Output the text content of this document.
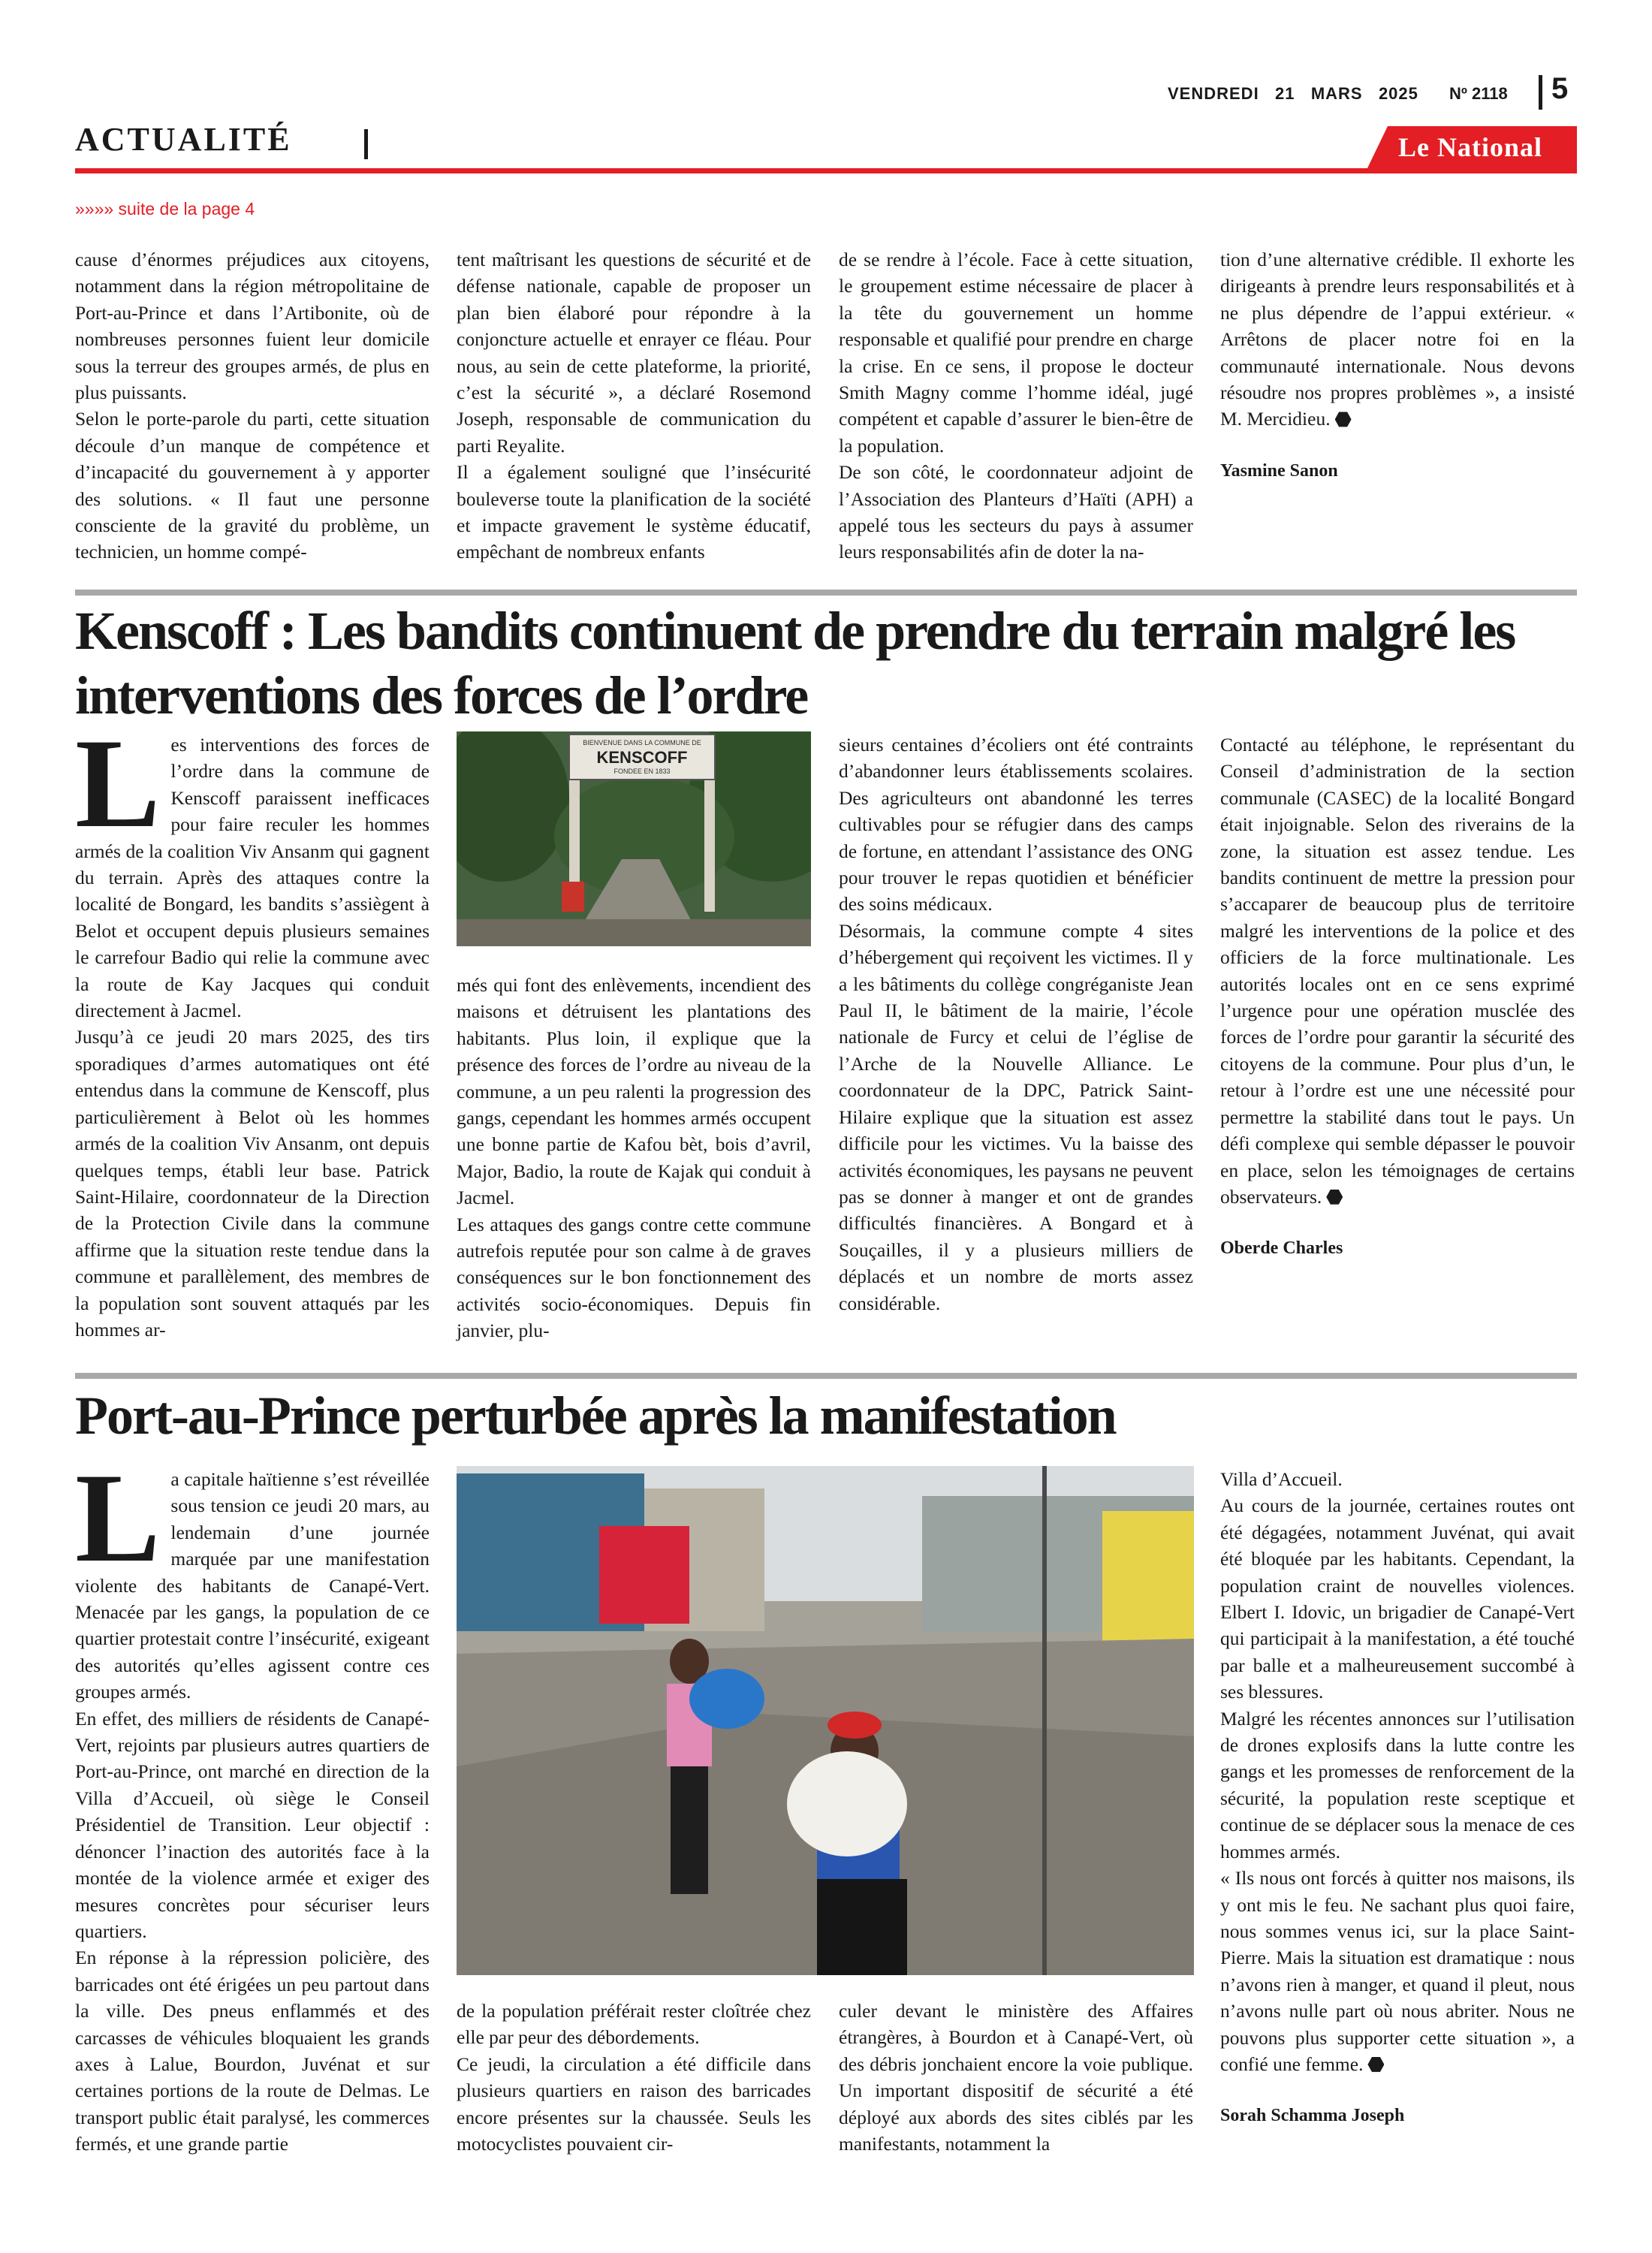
VENDREDI   21   MARS   2025 Nº 2118 5
ACTUALITÉ	Le National
»»»» suite de la page 4

cause d’énormes préjudices aux citoyens, notamment dans la région métropolitaine de Port-au-Prince et dans l’Artibonite, où de nombreuses personnes fuient leur domicile sous la terreur des groupes armés, de plus en plus puissants.

Selon le porte-parole du parti, cette situation découle d’un manque de compétence et d’incapacité du gouvernement à y apporter des solutions. « Il faut une personne consciente de la gravité du problème, un technicien, un homme compé-

tent maîtrisant les questions de sécurité et de défense nationale, capable de proposer un plan bien élaboré pour répondre à la conjoncture actuelle et enrayer ce fléau. Pour nous, au sein de cette plateforme, la priorité, c’est la sécurité », a déclaré Rosemond Joseph, responsable de communication du parti Reyalite.

Il a également souligné que l’insécurité bouleverse toute la planification de la société et impacte gravement le système éducatif, empêchant de nombreux enfants

de se rendre à l’école. Face à cette situation, le groupement estime nécessaire de placer à la tête du gouvernement un homme responsable et qualifié pour prendre en charge la crise. En ce sens, il propose le docteur Smith Magny comme l’homme idéal, jugé compétent et capable d’assurer le bien-être de la population.

De son côté, le coordonnateur adjoint de l’Association des Planteurs d’Haïti (APH) a appelé tous les secteurs du pays à assumer leurs responsabilités afin de doter la na-

tion d’une alternative crédible. Il exhorte les dirigeants à prendre leurs responsabilités et à ne plus dépendre de l’appui extérieur. « Arrêtons de placer notre foi en la communauté internationale. Nous devons résoudre nos propres problèmes », a insisté M. Mercidieu.

Yasmine Sanon

Kenscoff : Les bandits continuent de prendre du terrain malgré les interventions des forces de l’ordre

Les interventions des forces de l’ordre dans la commune de Kenscoff paraissent inefficaces pour faire reculer les hommes armés de la coalition Viv Ansanm qui gagnent du terrain. Après des attaques contre la localité de Bongard, les bandits s’assiègent à Belot et occupent depuis plusieurs semaines le carrefour Badio qui relie la commune avec la route de Kay Jacques qui conduit directement à Jacmel.

Jusqu’à ce jeudi 20 mars 2025, des tirs sporadiques d’armes automatiques ont été entendus dans la commune de Kenscoff, plus particulièrement à Belot où les hommes armés de la coalition Viv Ansanm, ont depuis quelques temps, établi leur base. Patrick Saint-Hilaire, coordonnateur de la Direction de la Protection Civile dans la commune affirme que la situation reste tendue dans la commune et parallèlement, des membres de la population sont souvent attaqués par les hommes ar-

BIENVENUE DANS LA COMMUNE DE
KENSCOFF
FONDEE EN 1833

més qui font des enlèvements, incendient des maisons et détruisent les plantations des habitants. Plus loin, il explique que la présence des forces de l’ordre au niveau de la commune, a un peu ralenti la progression des gangs, cependant les hommes armés occupent une bonne partie de Kafou bèt, bois d’avril, Major, Badio, la route de Kajak qui conduit à Jacmel.

Les attaques des gangs contre cette commune autrefois reputée pour son calme à de graves conséquences sur le bon fonctionnement des activités socio-économiques. Depuis fin janvier, plu-

sieurs centaines d’écoliers ont été contraints d’abandonner leurs établissements scolaires. Des agriculteurs ont abandonné les terres cultivables pour se réfugier dans des camps de fortune, en attendant l’assistance des ONG pour trouver le repas quotidien et bénéficier des soins médicaux.

Désormais, la commune compte 4 sites d’hébergement qui reçoivent les victimes. Il y a les bâtiments du collège congréganiste Jean Paul II, le bâtiment de la mairie, l’école nationale de Furcy et celui de l’église de l’Arche de la Nouvelle Alliance. Le coordonnateur de la DPC, Patrick Saint-Hilaire explique que la situation est assez difficile pour les victimes. Vu la baisse des activités économiques, les paysans ne peuvent pas se donner à manger et ont de grandes difficultés financières. A Bongard et à Souçailles, il y a plusieurs milliers de déplacés et un nombre de morts assez considérable.

Contacté au téléphone, le représentant du Conseil d’administration de la section communale (CASEC) de la localité Bongard était injoignable. Selon des riverains de la zone, la situation est assez tendue. Les bandits continuent de mettre la pression pour s’accaparer de beaucoup plus de territoire malgré les interventions de la police et des officiers de la force multinationale. Les autorités locales ont en ce sens exprimé l’urgence pour une opération musclée des forces de l’ordre pour garantir la sécurité des citoyens de la commune. Pour plus d’un, le retour à l’ordre est une une nécessité pour permettre la stabilité dans tout le pays. Un défi complexe qui semble dépasser le pouvoir en place, selon les témoignages de certains observateurs.

Oberde Charles

Port-au-Prince perturbée après la manifestation

La capitale haïtienne s’est réveillée sous tension ce jeudi 20 mars, au lendemain d’une journée marquée par une manifestation violente des habitants de Canapé-Vert. Menacée par les gangs, la population de ce quartier protestait contre l’insécurité, exigeant des autorités qu’elles agissent contre ces groupes armés.

En effet, des milliers de résidents de Canapé-Vert, rejoints par plusieurs autres quartiers de Port-au-Prince, ont marché en direction de la Villa d’Accueil, où siège le Conseil Présidentiel de Transition. Leur objectif : dénoncer l’inaction des autorités face à la montée de la violence armée et exiger des mesures concrètes pour sécuriser leurs quartiers.

En réponse à la répression policière, des barricades ont été érigées un peu partout dans la ville. Des pneus enflammés et des carcasses de véhicules bloquaient les grands axes à Lalue, Bourdon, Juvénat et sur certaines portions de la route de Delmas. Le transport public était paralysé, les commerces fermés, et une grande partie

de la population préférait rester cloîtrée chez elle par peur des débordements.

Ce jeudi, la circulation a été difficile dans plusieurs quartiers en raison des barricades encore présentes sur la chaussée. Seuls les motocyclistes pouvaient cir-

culer devant le ministère des Affaires étrangères, à Bourdon et à Canapé-Vert, où des débris jonchaient encore la voie publique. Un important dispositif de sécurité a été déployé aux abords des sites ciblés par les manifestants, notamment la

Villa d’Accueil.

Au cours de la journée, certaines routes ont été dégagées, notamment Juvénat, qui avait été bloquée par les habitants. Cependant, la population craint de nouvelles violences. Elbert I. Idovic, un brigadier de Canapé-Vert qui participait à la manifestation, a été touché par balle et a malheureusement succombé à ses blessures.

Malgré les récentes annonces sur l’utilisation de drones explosifs dans la lutte contre les gangs et les promesses de renforcement de la sécurité, la population reste sceptique et continue de se déplacer sous la menace de ces hommes armés.

« Ils nous ont forcés à quitter nos maisons, ils y ont mis le feu. Ne sachant plus quoi faire, nous sommes venus ici, sur la place Saint-Pierre. Mais la situation est dramatique : nous n’avons rien à manger, et quand il pleut, nous n’avons nulle part où nous abriter. Nous ne pouvons plus supporter cette situation », a confié une femme.

Sorah Schamma Joseph
